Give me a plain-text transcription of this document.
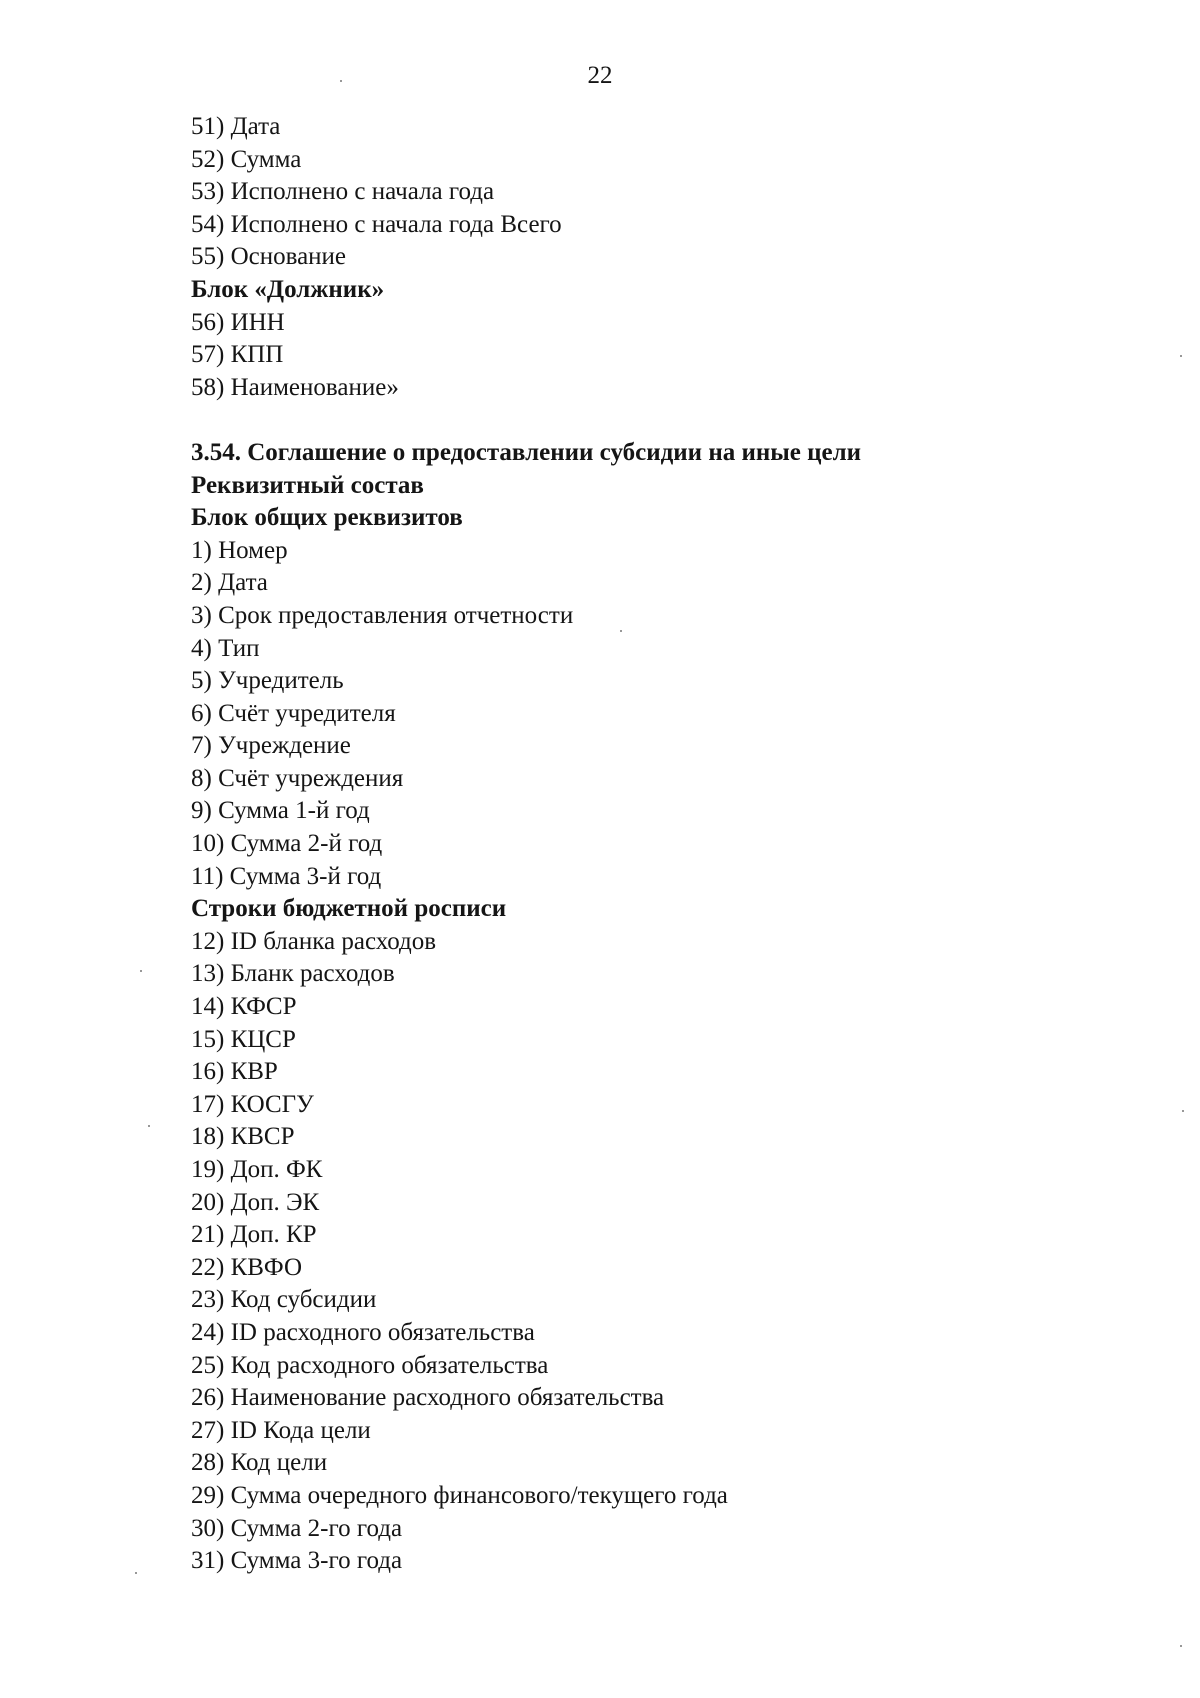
22
51) Дата
52) Сумма
53) Исполнено с начала года
54) Исполнено с начала года Всего
55) Основание
Блок «Должник»
56) ИНН
57) КПП
58) Наименование»
3.54. Соглашение о предоставлении субсидии на иные цели
Реквизитный состав
Блок общих реквизитов
1) Номер
2) Дата
3) Срок предоставления отчетности
4) Тип
5) Учредитель
6) Счёт учредителя
7) Учреждение
8) Счёт учреждения
9) Сумма 1-й год
10) Сумма 2-й год
11) Сумма 3-й год
Строки бюджетной росписи
12) ID бланка расходов
13) Бланк расходов
14) КФСР
15) КЦСР
16) КВР
17) КОСГУ
18) КВСР
19) Доп. ФК
20) Доп. ЭК
21) Доп. КР
22) КВФО
23) Код субсидии
24) ID расходного обязательства
25) Код расходного обязательства
26) Наименование расходного обязательства
27) ID Кода цели
28) Код цели
29) Сумма очередного финансового/текущего года
30) Сумма 2-го года
31) Сумма 3-го года
